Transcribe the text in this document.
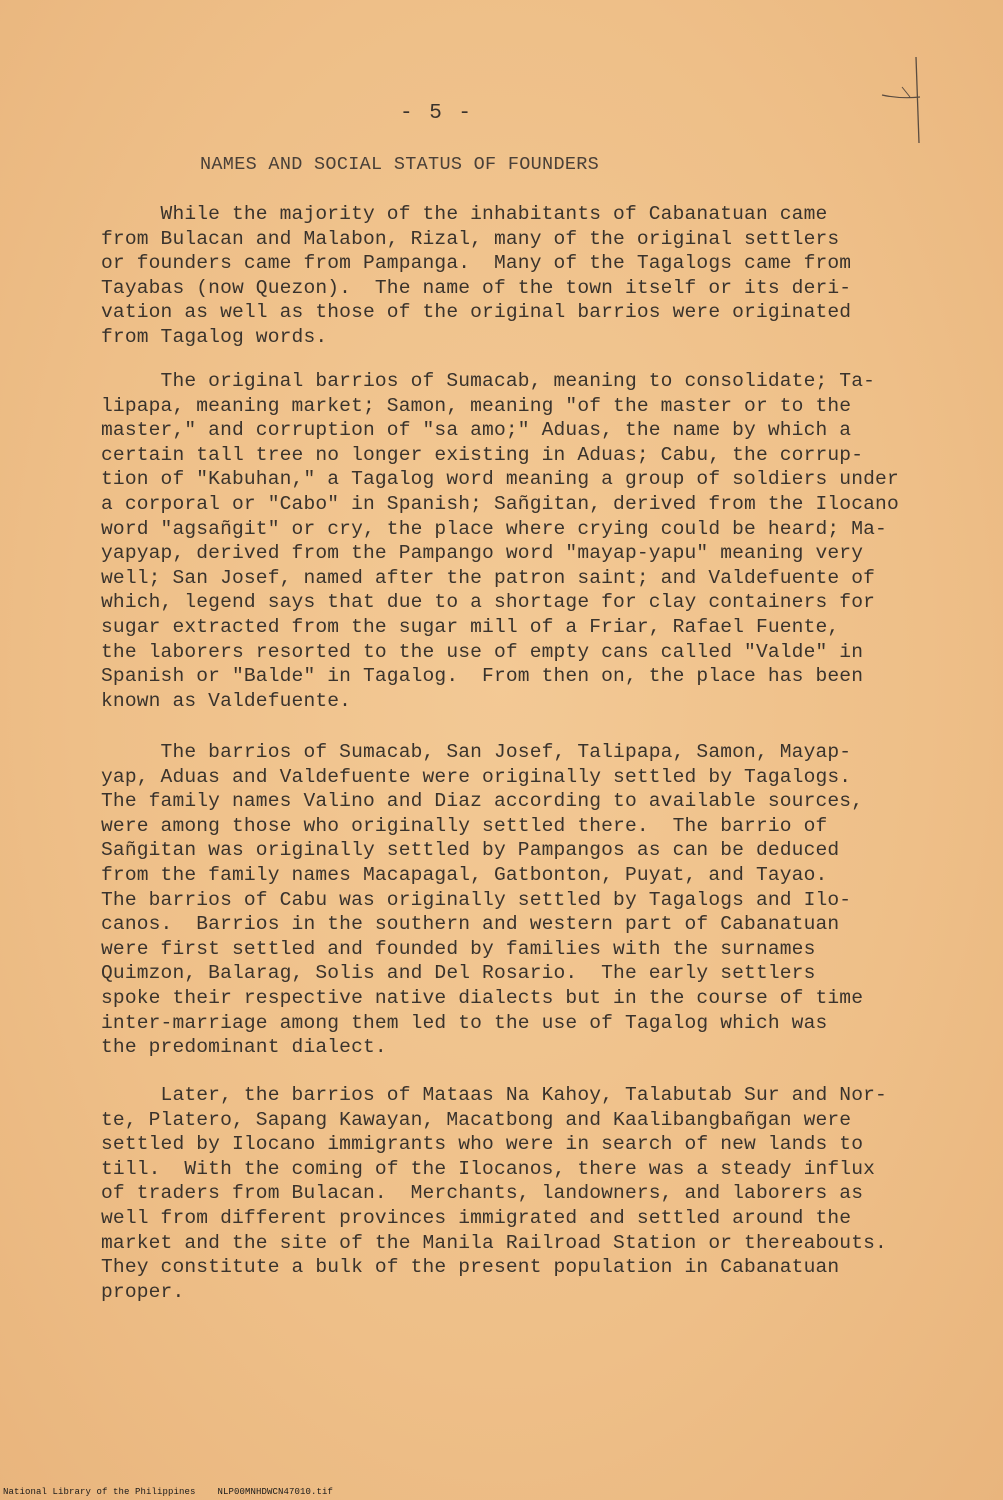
- 5 -
NAMES AND SOCIAL STATUS OF FOUNDERS

While the majority of the inhabitants of Cabanatuan came
from Bulacan and Malabon, Rizal, many of the original settlers
or founders came from Pampanga.  Many of the Tagalogs came from
Tayabas (now Quezon).  The name of the town itself or its deri-
vation as well as those of the original barrios were originated
from Tagalog words.

The original barrios of Sumacab, meaning to consolidate; Ta-
lipapa, meaning market; Samon, meaning "of the master or to the
master," and corruption of "sa amo;" Aduas, the name by which a
certain tall tree no longer existing in Aduas; Cabu, the corrup-
tion of "Kabuhan," a Tagalog word meaning a group of soldiers under
a corporal or "Cabo" in Spanish; Sañgitan, derived from the Ilocano
word "agsañgit" or cry, the place where crying could be heard; Ma-
yapyap, derived from the Pampango word "mayap-yapu" meaning very
well; San Josef, named after the patron saint; and Valdefuente of
which, legend says that due to a shortage for clay containers for
sugar extracted from the sugar mill of a Friar, Rafael Fuente,
the laborers resorted to the use of empty cans called "Valde" in
Spanish or "Balde" in Tagalog.  From then on, the place has been
known as Valdefuente.

The barrios of Sumacab, San Josef, Talipapa, Samon, Mayap-
yap, Aduas and Valdefuente were originally settled by Tagalogs.
The family names Valino and Diaz according to available sources,
were among those who originally settled there.  The barrio of
Sañgitan was originally settled by Pampangos as can be deduced
from the family names Macapagal, Gatbonton, Puyat, and Tayao.
The barrios of Cabu was originally settled by Tagalogs and Ilo-
canos.  Barrios in the southern and western part of Cabanatuan
were first settled and founded by families with the surnames
Quimzon, Balarag, Solis and Del Rosario.  The early settlers
spoke their respective native dialects but in the course of time
inter-marriage among them led to the use of Tagalog which was
the predominant dialect.

Later, the barrios of Mataas Na Kahoy, Talabutab Sur and Nor-
te, Platero, Sapang Kawayan, Macatbong and Kaalibangbañgan were
settled by Ilocano immigrants who were in search of new lands to
till.  With the coming of the Ilocanos, there was a steady influx
of traders from Bulacan.  Merchants, landowners, and laborers as
well from different provinces immigrated and settled around the
market and the site of the Manila Railroad Station or thereabouts.
They constitute a bulk of the present population in Cabanatuan
proper.

National Library of the Philippines    NLP00MNHDWCN47010.tif
